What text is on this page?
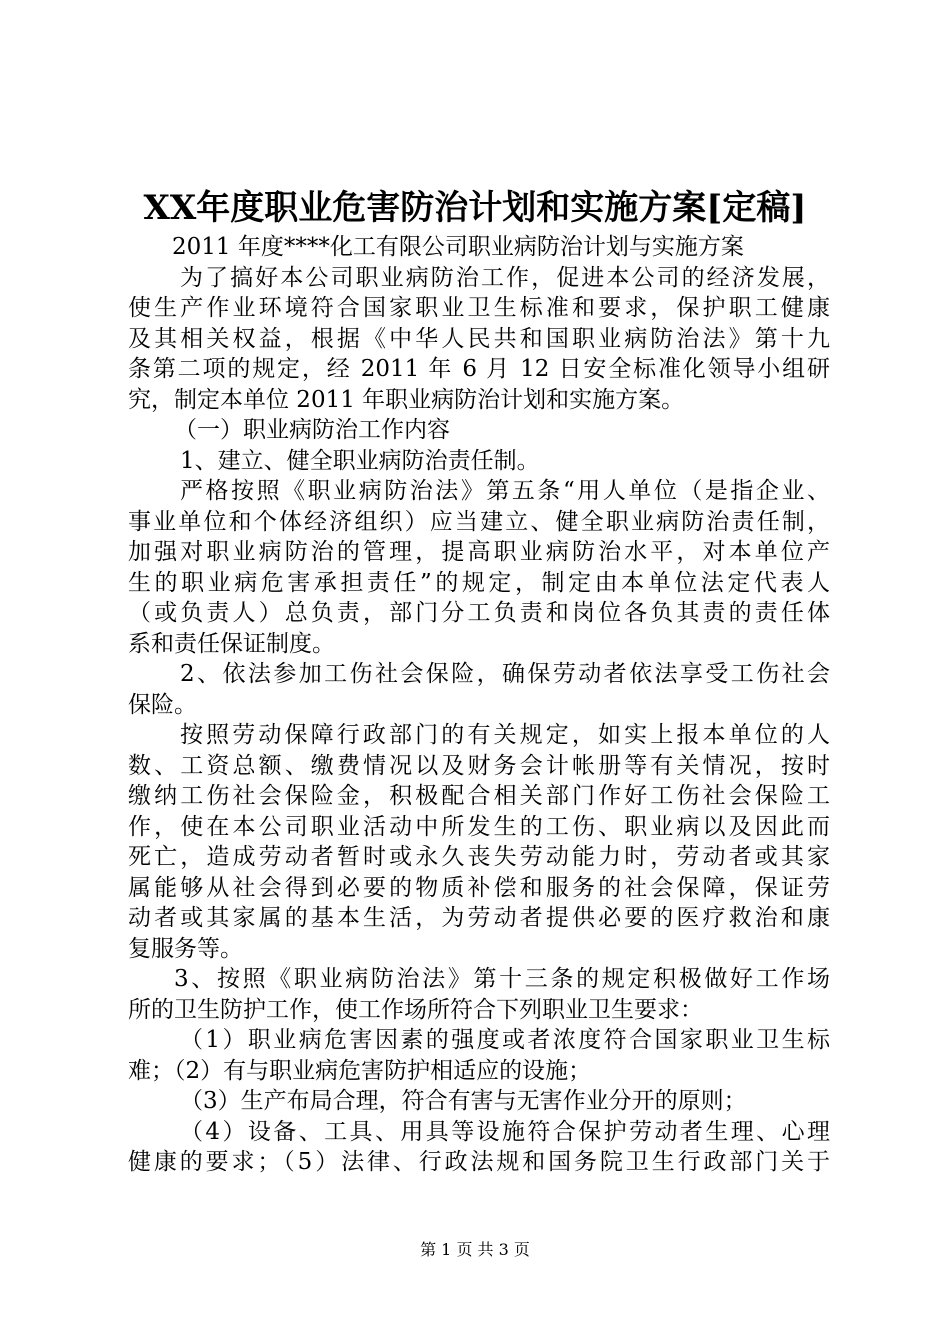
XX年度职业危害防治计划和实施方案[定稿]
2011 年度****化工有限公司职业病防治计划与实施方案
为了搞好本公司职业病防治工作，促进本公司的经济发展，
使生产作业环境符合国家职业卫生标准和要求，保护职工健康
及其相关权益，根据《中华人民共和国职业病防治法》第十九
条第二项的规定，经 2011 年 6 月 12 日安全标准化领导小组研
究，制定本单位 2011 年职业病防治计划和实施方案。
（一）职业病防治工作内容
1、建立、健全职业病防治责任制。
严格按照《职业病防治法》第五条“用人单位（是指企业、
事业单位和个体经济组织）应当建立、健全职业病防治责任制，
加强对职业病防治的管理，提高职业病防治水平，对本单位产
生的职业病危害承担责任”的规定，制定由本单位法定代表人
（或负责人）总负责，部门分工负责和岗位各负其责的责任体
系和责任保证制度。
2、依法参加工伤社会保险，确保劳动者依法享受工伤社会
保险。
按照劳动保障行政部门的有关规定，如实上报本单位的人
数、工资总额、缴费情况以及财务会计帐册等有关情况，按时
缴纳工伤社会保险金，积极配合相关部门作好工伤社会保险工
作，使在本公司职业活动中所发生的工伤、职业病以及因此而
死亡，造成劳动者暂时或永久丧失劳动能力时，劳动者或其家
属能够从社会得到必要的物质补偿和服务的社会保障，保证劳
动者或其家属的基本生活，为劳动者提供必要的医疗救治和康
复服务等。
3、按照《职业病防治法》第十三条的规定积极做好工作场
所的卫生防护工作，使工作场所符合下列职业卫生要求：
（1）职业病危害因素的强度或者浓度符合国家职业卫生标
难；（2）有与职业病危害防护相适应的设施；
（3）生产布局合理，符合有害与无害作业分开的原则；
（4）设备、工具、用具等设施符合保护劳动者生理、心理
健康的要求；（5）法律、行政法规和国务院卫生行政部门关于
第 1 页 共 3 页
